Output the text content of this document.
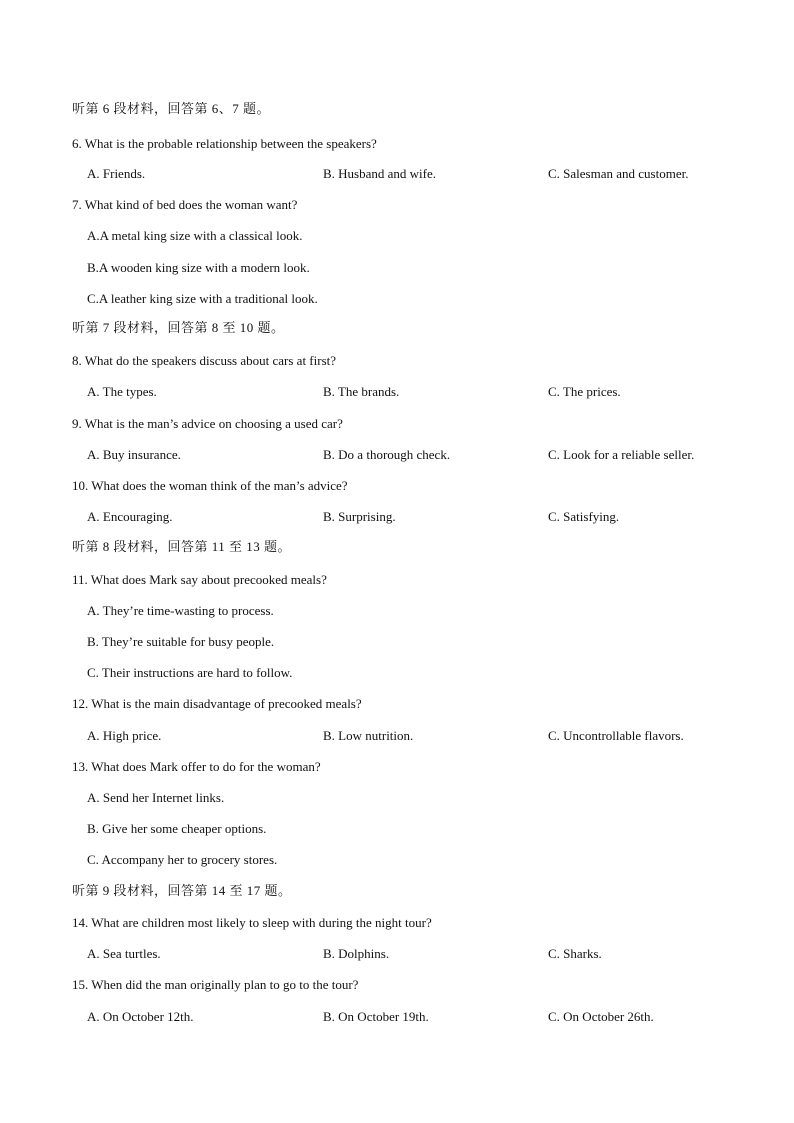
听第 6 段材料，回答第 6、7 题。
6. What is the probable relationship between the speakers?
A. Friends.	B. Husband and wife.	C. Salesman and customer.
7. What kind of bed does the woman want?
A.A metal king size with a classical look.
B.A wooden king size with a modern look.
C.A leather king size with a traditional look.
听第 7 段材料，回答第 8 至 10 题。
8. What do the speakers discuss about cars at first?
A. The types.	B. The brands.	C. The prices.
9. What is the man’s advice on choosing a used car?
A. Buy insurance.	B. Do a thorough check.	C. Look for a reliable seller.
10. What does the woman think of the man’s advice?
A. Encouraging.	B. Surprising.	C. Satisfying.
听第 8 段材料，回答第 11 至 13 题。
11. What does Mark say about precooked meals?
A. They’re time-wasting to process.
B. They’re suitable for busy people.
C. Their instructions are hard to follow.
12. What is the main disadvantage of precooked meals?
A. High price.	B. Low nutrition.	C. Uncontrollable flavors.
13. What does Mark offer to do for the woman?
A. Send her Internet links.
B. Give her some cheaper options.
C. Accompany her to grocery stores.
听第 9 段材料，回答第 14 至 17 题。
14. What are children most likely to sleep with during the night tour?
A. Sea turtles.	B. Dolphins.	C. Sharks.
15. When did the man originally plan to go to the tour?
A. On October 12th.	B. On October 19th.	C. On October 26th.
